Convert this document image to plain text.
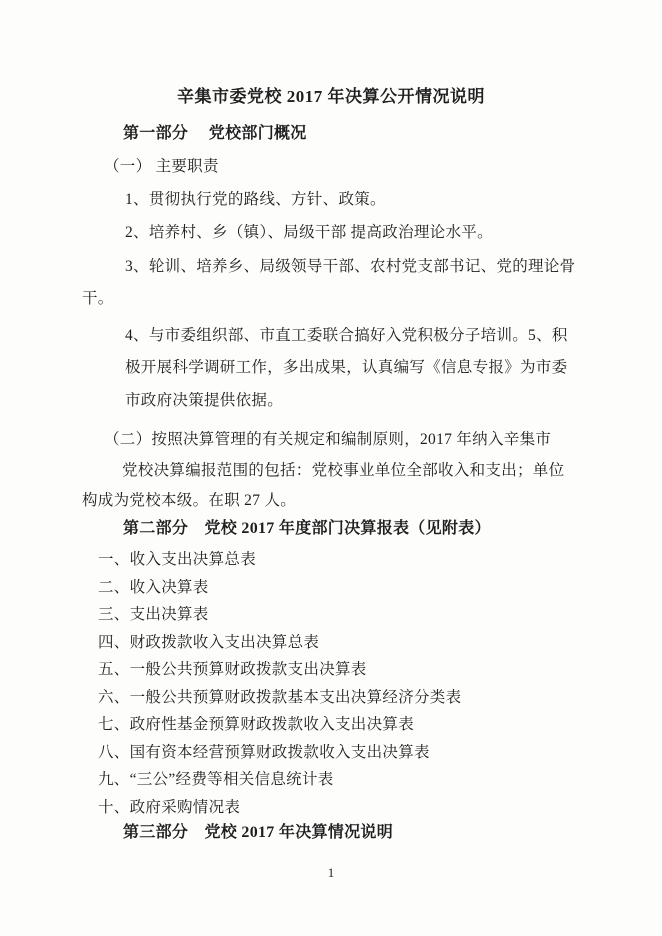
辛集市委党校 2017 年决算公开情况说明
第一部分　 党校部门概况
（一） 主要职责
1、贯彻执行党的路线、方针、政策。
2、培养村、乡（镇）、局级干部 提高政治理论水平。
3、轮训、培养乡、局级领导干部、农村党支部书记、党的理论骨
干。
4、与市委组织部、市直工委联合搞好入党积极分子培训。5、积
极开展科学调研工作，多出成果，认真编写《信息专报》为市委
市政府决策提供依据。
（二）按照决算管理的有关规定和编制原则，2017 年纳入辛集市
党校决算编报范围的包括：党校事业单位全部收入和支出；单位
构成为党校本级。在职 27 人。
第二部分　党校 2017 年度部门决算报表（见附表）
一、收入支出决算总表
二、收入决算表
三、支出决算表
四、财政拨款收入支出决算总表
五、一般公共预算财政拨款支出决算表
六、一般公共预算财政拨款基本支出决算经济分类表
七、政府性基金预算财政拨款收入支出决算表
八、国有资本经营预算财政拨款收入支出决算表
九、“三公”经费等相关信息统计表
十、政府采购情况表
第三部分　党校 2017 年决算情况说明
1
